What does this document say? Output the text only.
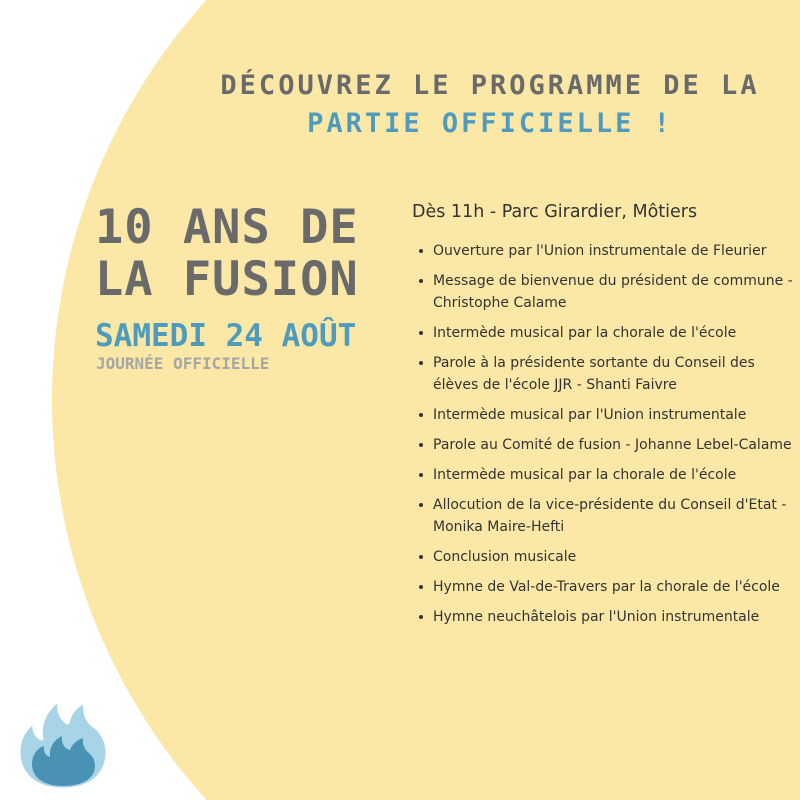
DÉCOUVREZ LE PROGRAMME DE LA
PARTIE OFFICIELLE !
10 ANS DE
LA FUSION
SAMEDI 24 AOÛT
JOURNÉE OFFICIELLE
Dès 11h - Parc Girardier, Môtiers
Ouverture par l'Union instrumentale de Fleurier
Message de bienvenue du président de commune - Christophe Calame
Intermède musical par la chorale de l'école
Parole à la présidente sortante du Conseil des élèves de l'école JJR - Shanti Faivre
Intermède musical par l'Union instrumentale
Parole au Comité de fusion - Johanne Lebel-Calame
Intermède musical par la chorale de l'école
Allocution de la vice-présidente du Conseil d'Etat - Monika Maire-Hefti
Conclusion musicale
Hymne de Val-de-Travers par la chorale de l'école
Hymne neuchâtelois par l'Union instrumentale
